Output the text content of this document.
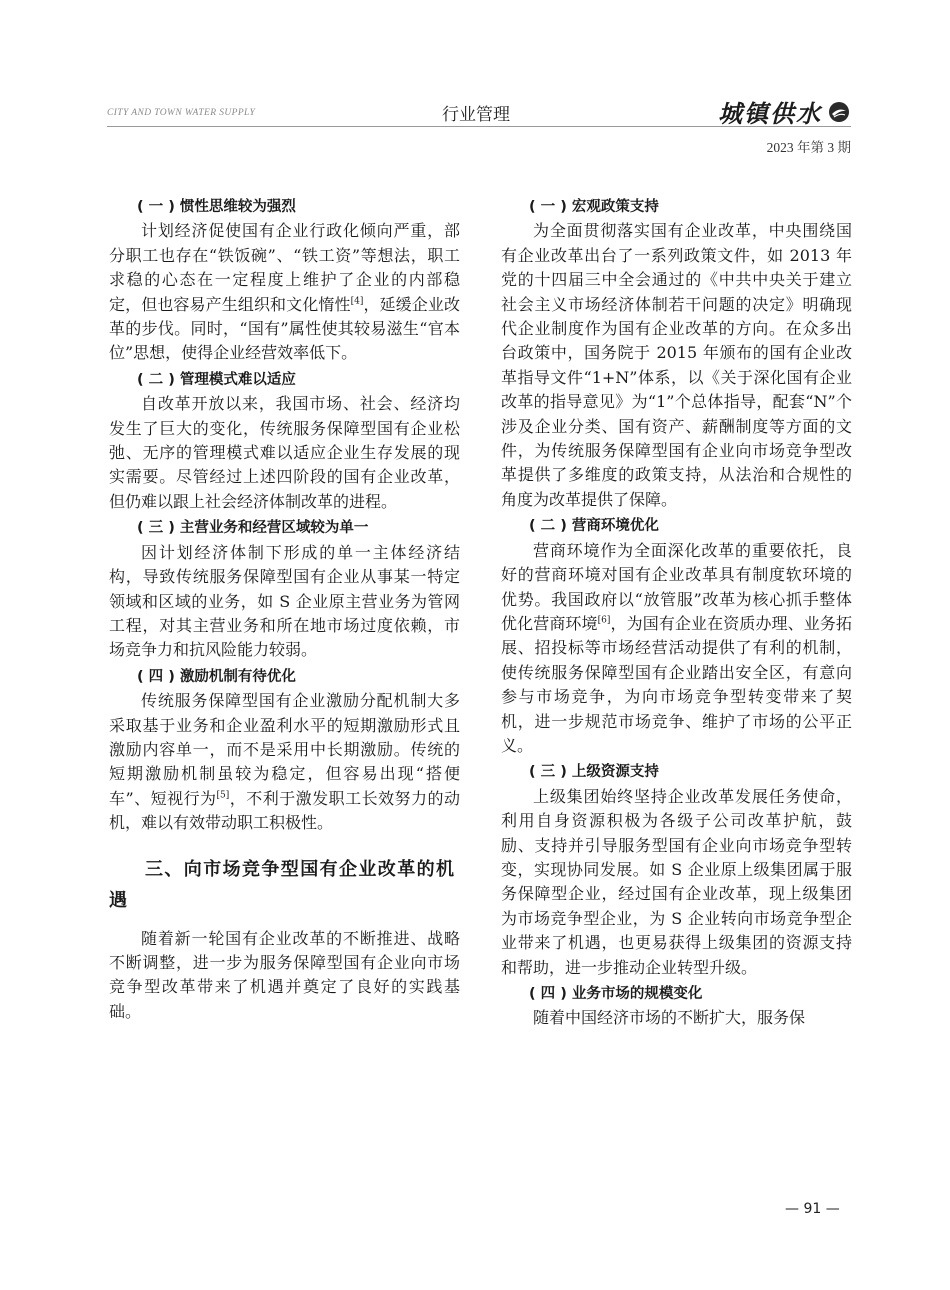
CITY AND TOWN WATER SUPPLY	行业管理	城镇供水
2023 年第 3 期
( 一 ) 惯性思维较为强烈

计划经济促使国有企业行政化倾向严重，部分职工也存在“铁饭碗”、“铁工资”等想法，职工求稳的心态在一定程度上维护了企业的内部稳定，但也容易产生组织和文化惰性[4]，延缓企业改革的步伐。同时，“国有”属性使其较易滋生“官本位”思想，使得企业经营效率低下。

( 二 ) 管理模式难以适应

自改革开放以来，我国市场、社会、经济均发生了巨大的变化，传统服务保障型国有企业松弛、无序的管理模式难以适应企业生存发展的现实需要。尽管经过上述四阶段的国有企业改革，但仍难以跟上社会经济体制改革的进程。

( 三 ) 主营业务和经营区域较为单一

因计划经济体制下形成的单一主体经济结构，导致传统服务保障型国有企业从事某一特定领域和区域的业务，如 S 企业原主营业务为管网工程，对其主营业务和所在地市场过度依赖，市场竞争力和抗风险能力较弱。

( 四 ) 激励机制有待优化

传统服务保障型国有企业激励分配机制大多采取基于业务和企业盈利水平的短期激励形式且激励内容单一，而不是采用中长期激励。传统的短期激励机制虽较为稳定，但容易出现“搭便车”、短视行为[5]，不利于激发职工长效努力的动机，难以有效带动职工积极性。

三、向市场竞争型国有企业改革的机遇

随着新一轮国有企业改革的不断推进、战略不断调整，进一步为服务保障型国有企业向市场竞争型改革带来了机遇并奠定了良好的实践基础。

( 一 ) 宏观政策支持

为全面贯彻落实国有企业改革，中央围绕国有企业改革出台了一系列政策文件，如 2013 年党的十四届三中全会通过的《中共中央关于建立社会主义市场经济体制若干问题的决定》明确现代企业制度作为国有企业改革的方向。在众多出台政策中，国务院于 2015 年颁布的国有企业改革指导文件“1+N”体系，以《关于深化国有企业改革的指导意见》为“1”个总体指导，配套“N”个涉及企业分类、国有资产、薪酬制度等方面的文件，为传统服务保障型国有企业向市场竞争型改革提供了多维度的政策支持，从法治和合规性的角度为改革提供了保障。

( 二 ) 营商环境优化

营商环境作为全面深化改革的重要依托，良好的营商环境对国有企业改革具有制度软环境的优势。我国政府以“放管服”改革为核心抓手整体优化营商环境[6]，为国有企业在资质办理、业务拓展、招投标等市场经营活动提供了有利的机制，使传统服务保障型国有企业踏出安全区，有意向参与市场竞争，为向市场竞争型转变带来了契机，进一步规范市场竞争、维护了市场的公平正义。

( 三 ) 上级资源支持

上级集团始终坚持企业改革发展任务使命，利用自身资源积极为各级子公司改革护航，鼓励、支持并引导服务型国有企业向市场竞争型转变，实现协同发展。如 S 企业原上级集团属于服务保障型企业，经过国有企业改革，现上级集团为市场竞争型企业，为 S 企业转向市场竞争型企业带来了机遇，也更易获得上级集团的资源支持和帮助，进一步推动企业转型升级。

( 四 ) 业务市场的规模变化

随着中国经济市场的不断扩大，服务保

— 91 —
